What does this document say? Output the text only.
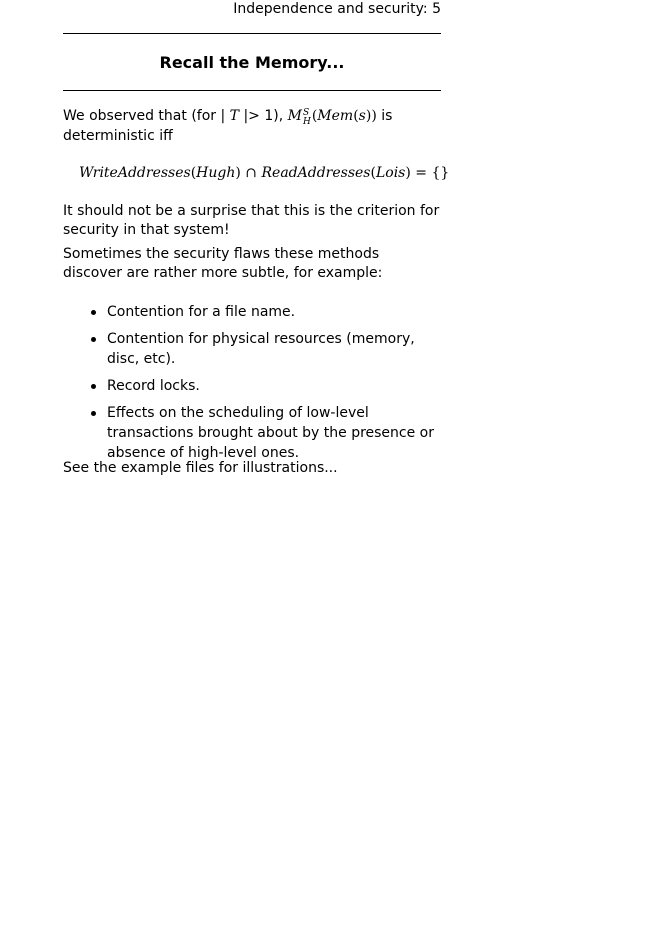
Independence and security: 5
Recall the Memory...

We observed that (for | T |> 1), M S
H (Mem(s)) is deterministic iff

WriteAddresses(Hugh) ∩ ReadAddresses(Lois) = {}

It should not be a surprise that this is the criterion for security in that system!

Sometimes the security flaws these methods discover are rather more subtle, for example:

Contention for a file name.
Contention for physical resources (memory, disc, etc).
Record locks.
Effects on the scheduling of low-level transactions brought about by the presence or absence of high-level ones.

See the example files for illustrations...
